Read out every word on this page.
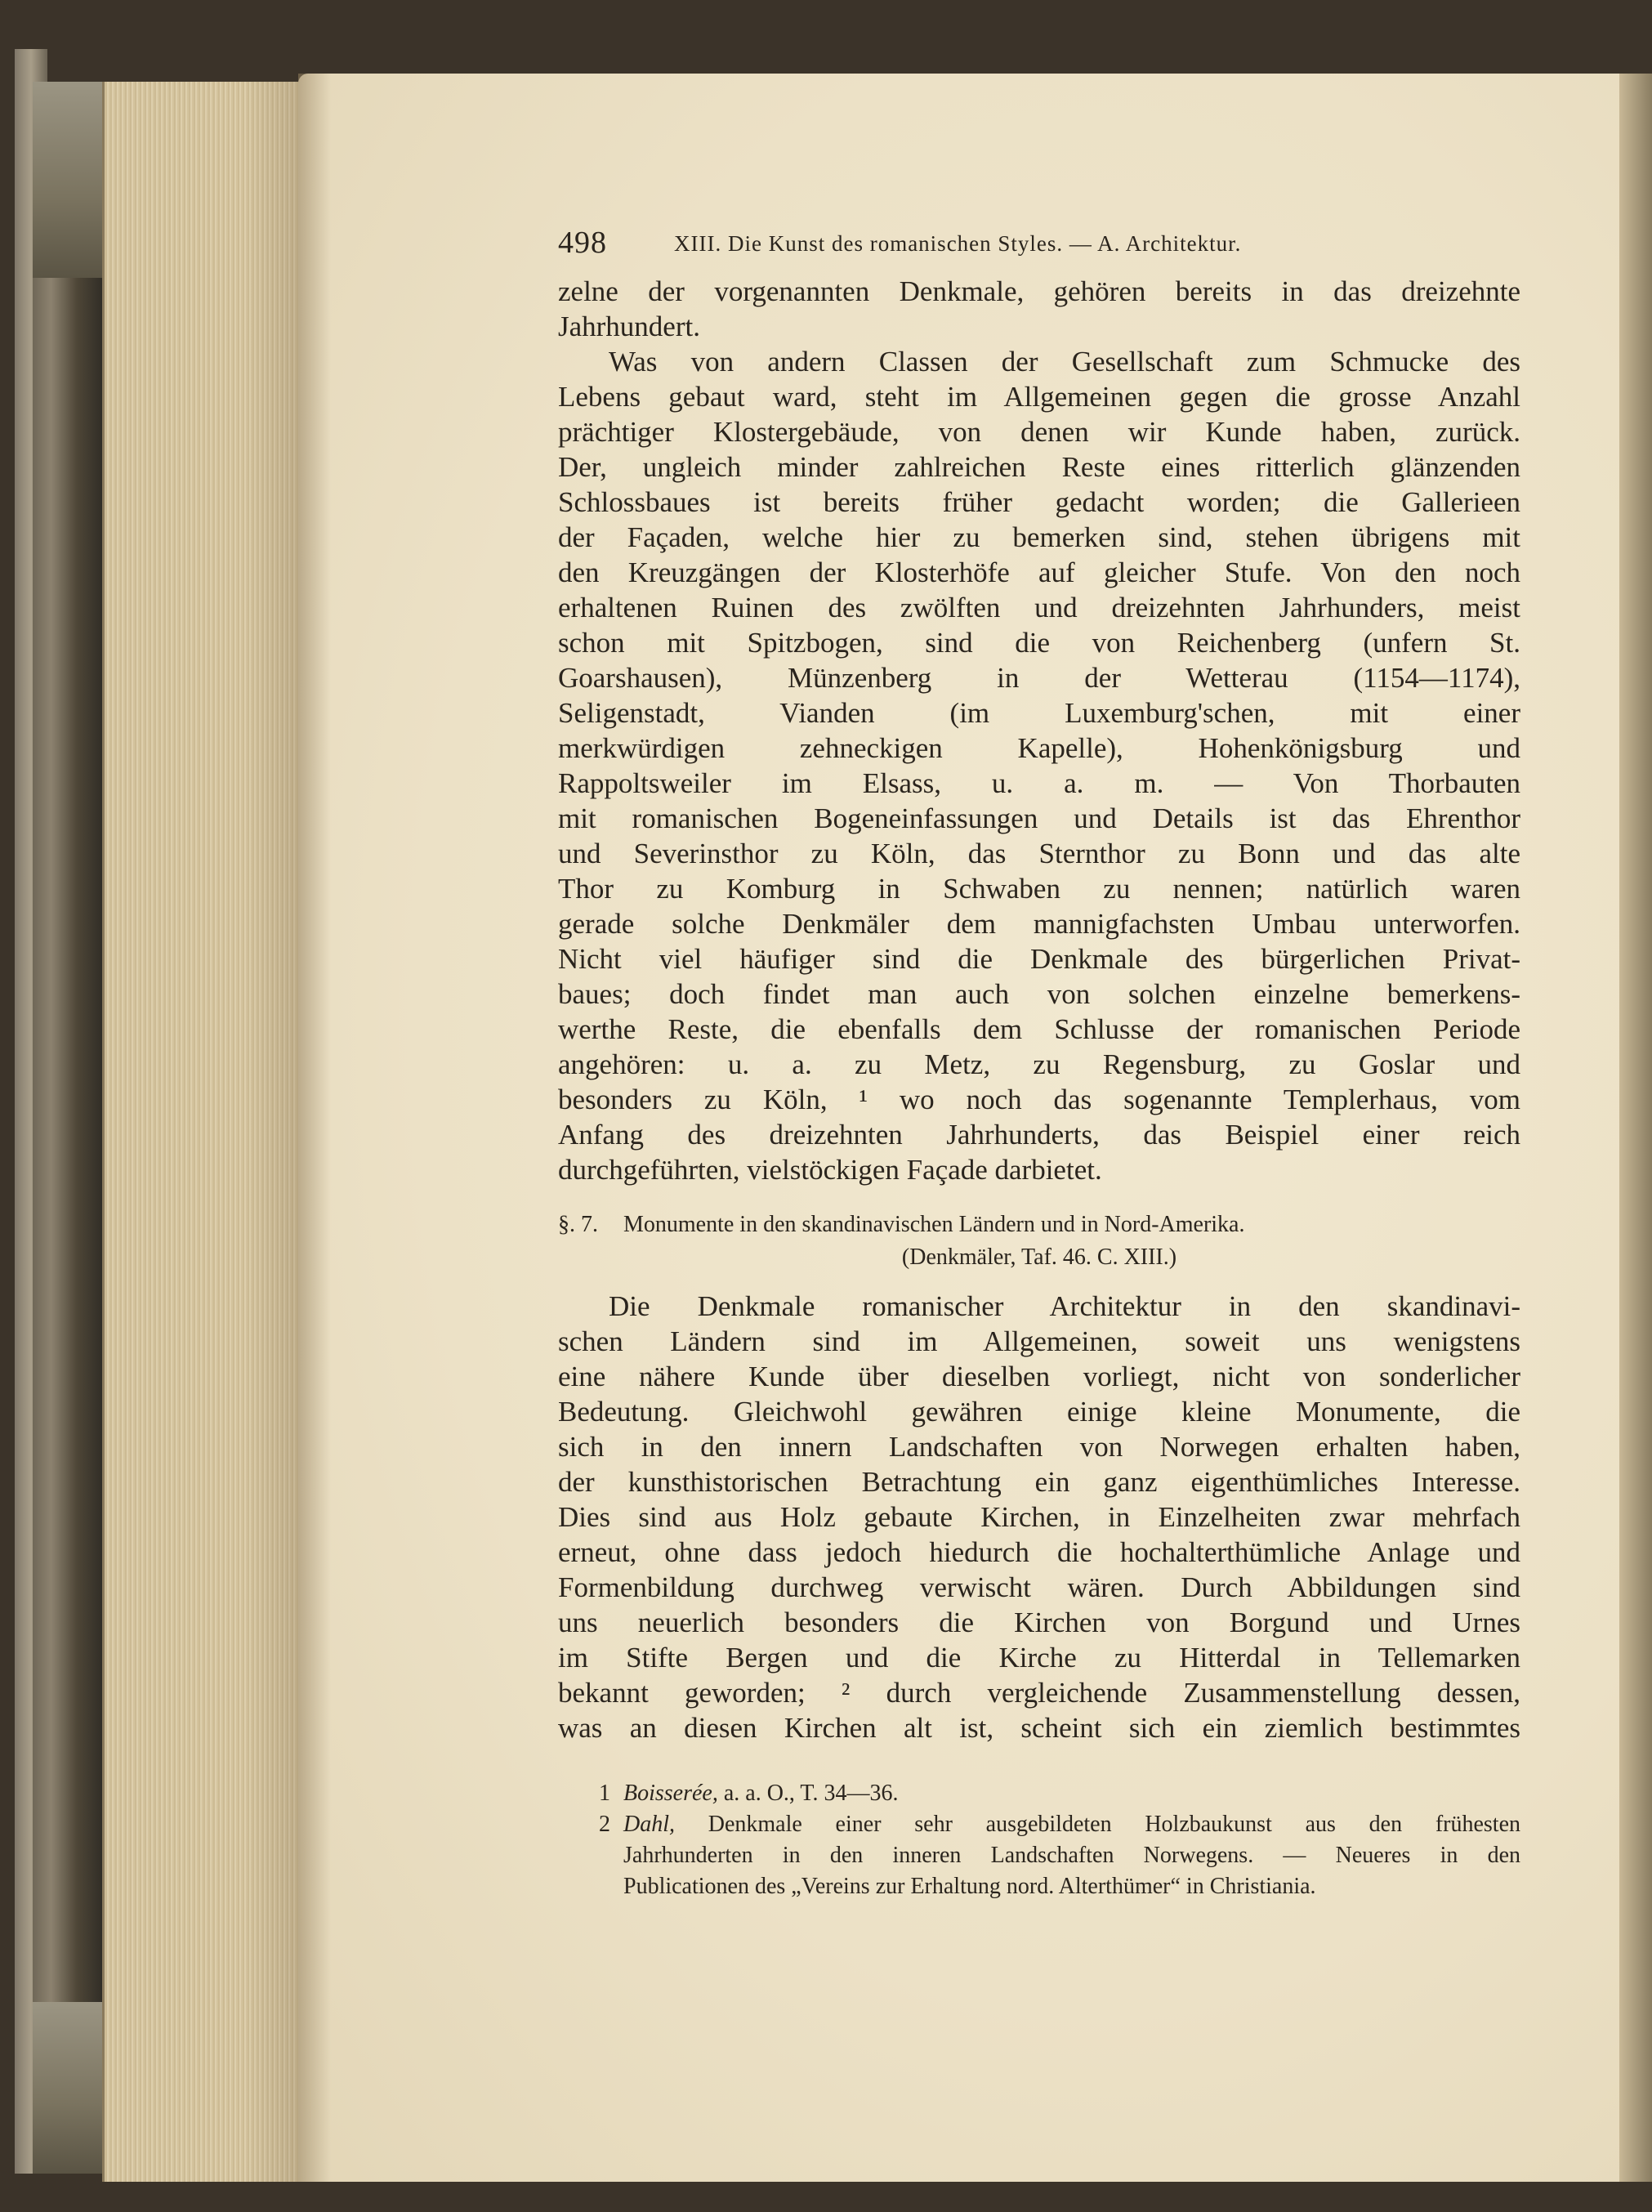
498	XIII. Die Kunst des romanischen Styles. — A. Architektur.
zelne der vorgenannten Denkmale, gehören bereits in das dreizehnte
Jahrhundert.
Was von andern Classen der Gesellschaft zum Schmucke des
Lebens gebaut ward, steht im Allgemeinen gegen die grosse Anzahl
prächtiger Klostergebäude, von denen wir Kunde haben, zurück.
Der, ungleich minder zahlreichen Reste eines ritterlich glänzenden
Schlossbaues ist bereits früher gedacht worden; die Gallerieen
der Façaden, welche hier zu bemerken sind, stehen übrigens mit
den Kreuzgängen der Klosterhöfe auf gleicher Stufe. Von den noch
erhaltenen Ruinen des zwölften und dreizehnten Jahrhunders, meist
schon mit Spitzbogen, sind die von Reichenberg (unfern St.
Goarshausen), Münzenberg in der Wetterau (1154—1174),
Seligenstadt, Vianden (im Luxemburg'schen, mit einer
merkwürdigen zehneckigen Kapelle), Hohenkönigsburg und
Rappoltsweiler im Elsass, u. a. m. — Von Thorbauten
mit romanischen Bogeneinfassungen und Details ist das Ehrenthor
und Severinsthor zu Köln, das Sternthor zu Bonn und das alte
Thor zu Komburg in Schwaben zu nennen; natürlich waren
gerade solche Denkmäler dem mannigfachsten Umbau unterworfen.
Nicht viel häufiger sind die Denkmale des bürgerlichen Privat-
baues; doch findet man auch von solchen einzelne bemerkens-
werthe Reste, die ebenfalls dem Schlusse der romanischen Periode
angehören: u. a. zu Metz, zu Regensburg, zu Goslar und
besonders zu Köln, ¹ wo noch das sogenannte Templerhaus, vom
Anfang des dreizehnten Jahrhunderts, das Beispiel einer reich
durchgeführten, vielstöckigen Façade darbietet.
§. 7. Monumente in den skandinavischen Ländern und in Nord-Amerika.
(Denkmäler, Taf. 46. C. XIII.)
Die Denkmale romanischer Architektur in den skandinavi-
schen Ländern sind im Allgemeinen, soweit uns wenigstens
eine nähere Kunde über dieselben vorliegt, nicht von sonderlicher
Bedeutung. Gleichwohl gewähren einige kleine Monumente, die
sich in den innern Landschaften von Norwegen erhalten haben,
der kunsthistorischen Betrachtung ein ganz eigenthümliches Interesse.
Dies sind aus Holz gebaute Kirchen, in Einzelheiten zwar mehrfach
erneut, ohne dass jedoch hiedurch die hochalterthümliche Anlage und
Formenbildung durchweg verwischt wären. Durch Abbildungen sind
uns neuerlich besonders die Kirchen von Borgund und Urnes
im Stifte Bergen und die Kirche zu Hitterdal in Tellemarken
bekannt geworden; ² durch vergleichende Zusammenstellung dessen,
was an diesen Kirchen alt ist, scheint sich ein ziemlich bestimmtes
1 Boisserée, a. a. O., T. 34—36.
2 Dahl, Denkmale einer sehr ausgebildeten Holzbaukunst aus den frühesten
Jahrhunderten in den inneren Landschaften Norwegens. — Neueres in den
Publicationen des „Vereins zur Erhaltung nord. Alterthümer“ in Christiania.
